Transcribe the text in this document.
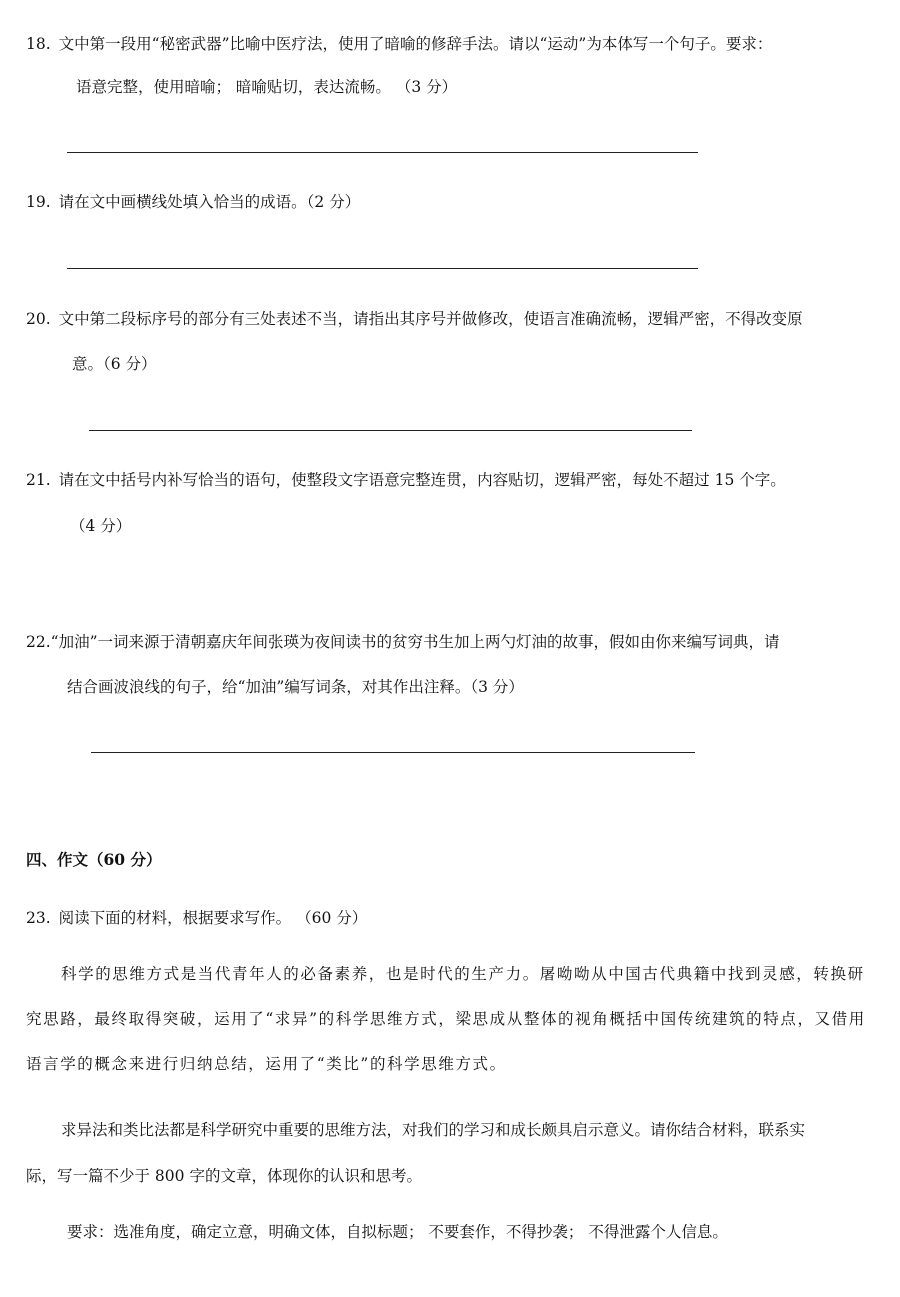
18. 文中第一段用“秘密武器”比喻中医疗法，使用了暗喻的修辞手法。请以“运动”为本体写一个句子。要求：
语意完整，使用暗喻； 暗喻贴切，表达流畅。 （3 分）
19. 请在文中画横线处填入恰当的成语。（2 分）
20. 文中第二段标序号的部分有三处表述不当，请指出其序号并做修改，使语言准确流畅，逻辑严密，不得改变原
意。（6 分）
21. 请在文中括号内补写恰当的语句，使整段文字语意完整连贯，内容贴切，逻辑严密，每处不超过 15 个字。
（4 分）
22.“加油”一词来源于清朝嘉庆年间张瑛为夜间读书的贫穷书生加上两勺灯油的故事，假如由你来编写词典，请
结合画波浪线的句子，给“加油”编写词条，对其作出注释。（3 分）
四、作文（60 分）
23. 阅读下面的材料，根据要求写作。 （60 分）
科学的思维方式是当代青年人的必备素养，也是时代的生产力。屠呦呦从中国古代典籍中找到灵感，转换研
究思路，最终取得突破，运用了“求异”的科学思维方式，梁思成从整体的视角概括中国传统建筑的特点，又借用
语言学的概念来进行归纳总结，运用了“类比”的科学思维方式。
求异法和类比法都是科学研究中重要的思维方法，对我们的学习和成长颇具启示意义。请你结合材料，联系实
际，写一篇不少于 800 字的文章，体现你的认识和思考。
要求：选准角度，确定立意，明确文体，自拟标题； 不要套作，不得抄袭； 不得泄露个人信息。
